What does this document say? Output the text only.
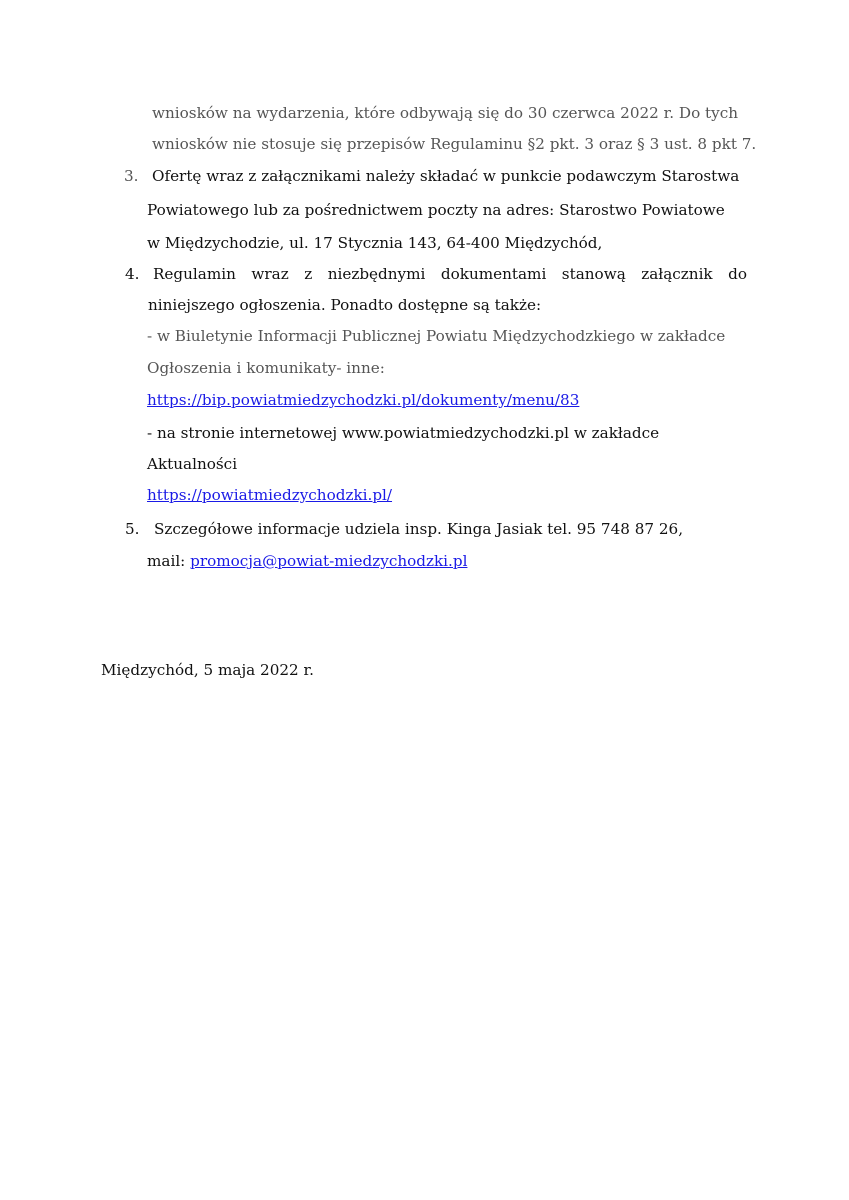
wniosków na wydarzenia, które odbywają się do 30 czerwca 2022 r. Do tych
wniosków nie stosuje się przepisów Regulaminu §2 pkt. 3 oraz § 3 ust. 8 pkt 7.
3. Ofertę wraz z załącznikami należy składać w punkcie podawczym Starostwa
Powiatowego lub za pośrednictwem poczty na adres: Starostwo Powiatowe
w Międzychodzie, ul. 17 Stycznia 143, 64-400 Międzychód,
4. Regulamin wraz z niezbędnymi dokumentami stanową załącznik do
niniejszego ogłoszenia. Ponadto dostępne są także:
- w Biuletynie Informacji Publicznej Powiatu Międzychodzkiego w zakładce
Ogłoszenia i komunikaty- inne:
https://bip.powiatmiedzychodzki.pl/dokumenty/menu/83
- na stronie internetowej www.powiatmiedzychodzki.pl w zakładce
Aktualności
https://powiatmiedzychodzki.pl/
5. Szczegółowe informacje udziela insp. Kinga Jasiak tel. 95 748 87 26,
mail: promocja@powiat-miedzychodzki.pl
Międzychód, 5 maja 2022 r.
